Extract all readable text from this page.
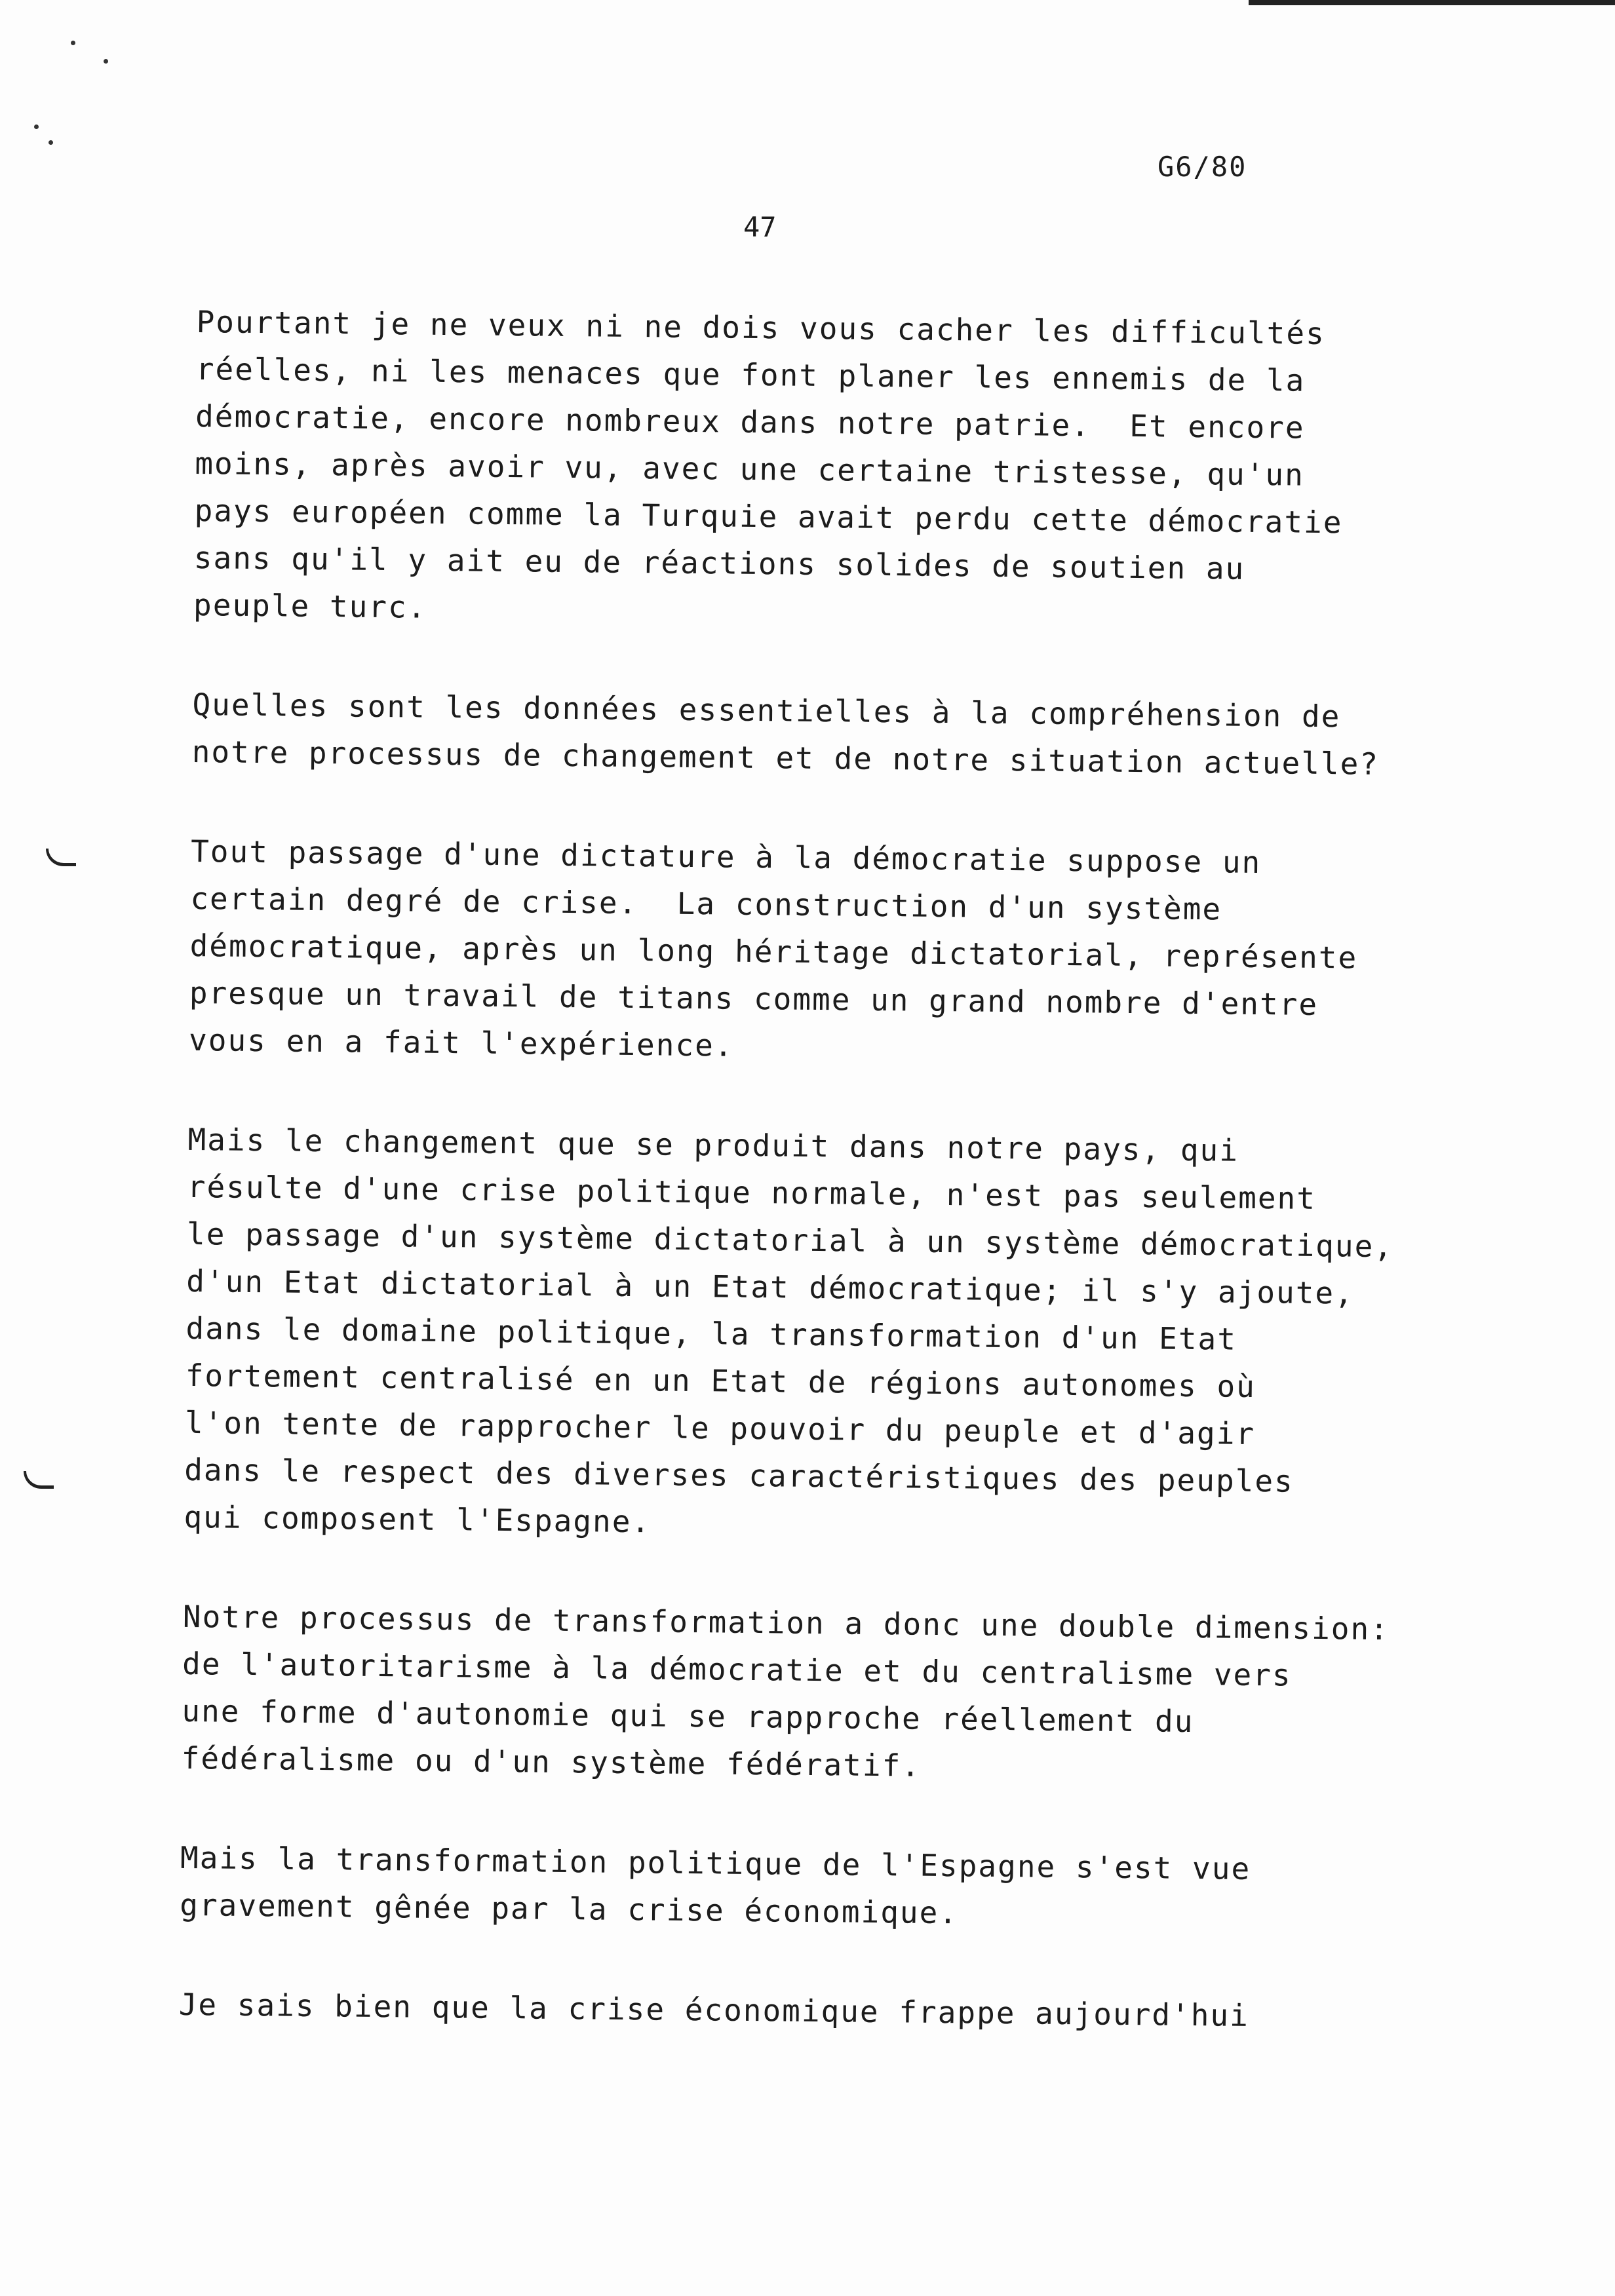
G6/80
47
Pourtant je ne veux ni ne dois vous cacher les difficultés
réelles, ni les menaces que font planer les ennemis de la
démocratie, encore nombreux dans notre patrie.  Et encore
moins, après avoir vu, avec une certaine tristesse, qu'un
pays européen comme la Turquie avait perdu cette démocratie
sans qu'il y ait eu de réactions solides de soutien au
peuple turc.
Quelles sont les données essentielles à la compréhension de
notre processus de changement et de notre situation actuelle?
Tout passage d'une dictature à la démocratie suppose un
certain degré de crise.  La construction d'un système
démocratique, après un long héritage dictatorial, représente
presque un travail de titans comme un grand nombre d'entre
vous en a fait l'expérience.
Mais le changement que se produit dans notre pays, qui
résulte d'une crise politique normale, n'est pas seulement
le passage d'un système dictatorial à un système démocratique,
d'un Etat dictatorial à un Etat démocratique; il s'y ajoute,
dans le domaine politique, la transformation d'un Etat
fortement centralisé en un Etat de régions autonomes où
l'on tente de rapprocher le pouvoir du peuple et d'agir
dans le respect des diverses caractéristiques des peuples
qui composent l'Espagne.
Notre processus de transformation a donc une double dimension:
de l'autoritarisme à la démocratie et du centralisme vers
une forme d'autonomie qui se rapproche réellement du
fédéralisme ou d'un système fédératif.
Mais la transformation politique de l'Espagne s'est vue
gravement gênée par la crise économique.
Je sais bien que la crise économique frappe aujourd'hui
